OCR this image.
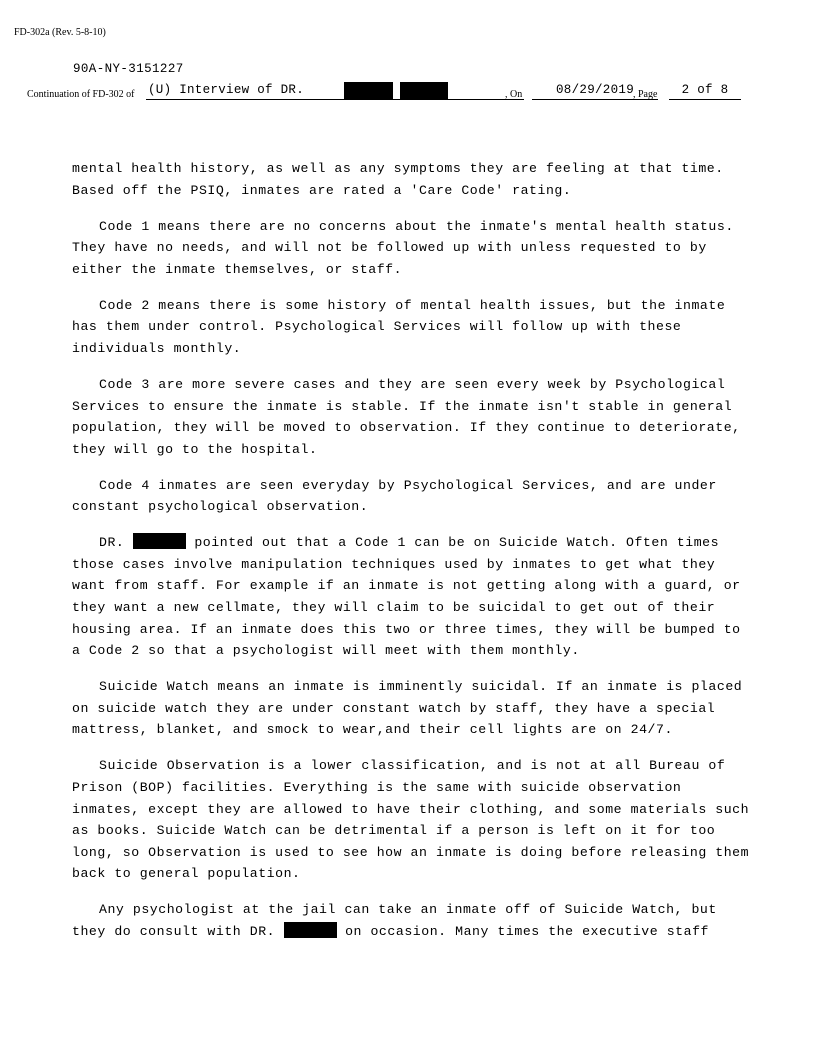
FD-302a (Rev. 5-8-10)
90A-NY-3151227
Continuation of FD-302 of (U) Interview of DR.	, On	08/29/2019 , Page	2 of 8

mental health history, as well as any symptoms they are feeling at that time. Based off the PSIQ, inmates are rated a 'Care Code' rating.

Code 1 means there are no concerns about the inmate's mental health status. They have no needs, and will not be followed up with unless requested to by either the inmate themselves, or staff.

Code 2 means there is some history of mental health issues, but the inmate has them under control. Psychological Services will follow up with these individuals monthly.

Code 3 are more severe cases and they are seen every week by Psychological Services to ensure the inmate is stable. If the inmate isn't stable in general population, they will be moved to observation. If they continue to deteriorate, they will go to the hospital.

Code 4 inmates are seen everyday by Psychological Services, and are under constant psychological observation.

DR.	pointed out that a Code 1 can be on Suicide Watch. Often times those cases involve manipulation techniques used by inmates to get what they want from staff. For example if an inmate is not getting along with a guard, or they want a new cellmate, they will claim to be suicidal to get out of their housing area. If an inmate does this two or three times, they will be bumped to a Code 2 so that a psychologist will meet with them monthly.

Suicide Watch means an inmate is imminently suicidal. If an inmate is placed on suicide watch they are under constant watch by staff, they have a special mattress, blanket, and smock to wear,and their cell lights are on 24/7.

Suicide Observation is a lower classification, and is not at all Bureau of Prison (BOP) facilities. Everything is the same with suicide observation inmates, except they are allowed to have their clothing, and some materials such as books. Suicide Watch can be detrimental if a person is left on it for too long, so Observation is used to see how an inmate is doing before releasing them back to general population.

Any psychologist at the jail can take an inmate off of Suicide Watch, but they do consult with DR.	on occasion. Many times the executive staff
